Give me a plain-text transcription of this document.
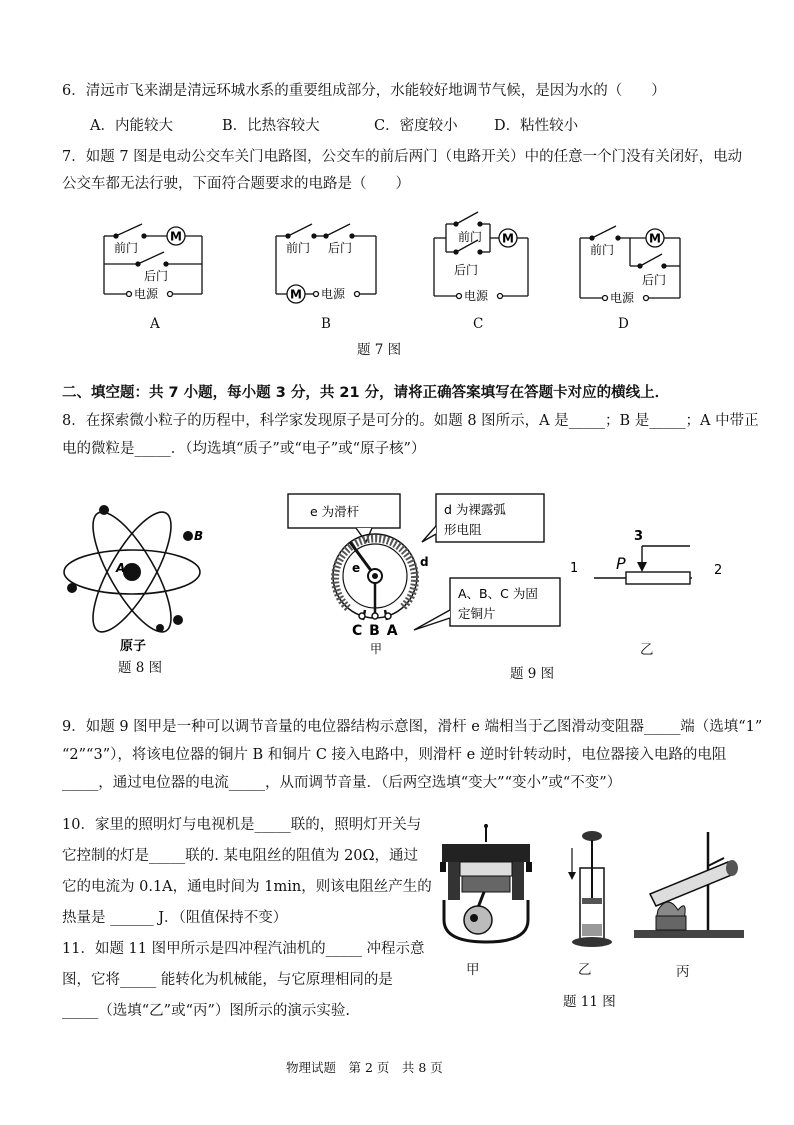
6．清远市飞来湖是清远环城水系的重要组成部分，水能较好地调节气候，是因为水的（　　）
A．内能较大	B．比热容较大	C．密度较小	D．粘性较小
7．如题 7 图是电动公交车关门电路图，公交车的前后两门（电路开关）中的任意一个门没有关闭好，电动
公交车都无法行驶，下面符合题要求的电路是（　　）
M
前门
后门
电源	M
前门 后门
电源
M
前门
后门
电源
M
前门
后门
电源
A	B	C	D
题 7 图
二、填空题：共 7 小题，每小题 3 分，共 21 分，请将正确答案填写在答题卡对应的横线上．
8．在探索微小粒子的历程中，科学家发现原子是可分的。如题 8 图所示，A 是_____；B 是_____；A 中带正
电的微粒是_____．（均选填“质子”或“电子”或“原子核”）
A
B
原子
题 8 图
e 为滑杆	d 为裸露弧
形电阻
A、B、C 为固
定铜片
e	d
C B A
甲
3
P
1	2
乙
题 9 图
9．如题 9 图甲是一种可以调节音量的电位器结构示意图，滑杆 e 端相当于乙图滑动变阻器_____端（选填“1”
“2”“3”），将该电位器的铜片 B 和铜片 C 接入电路中，则滑杆 e 逆时针转动时，电位器接入电路的电阻
_____，通过电位器的电流_____，从而调节音量．（后两空选填“变大”“变小”或“不变”）
10．家里的照明灯与电视机是_____联的，照明灯开关与
它控制的灯是_____联的. 某电阻丝的阻值为 20Ω，通过
它的电流为 0.1A，通电时间为 1min，则该电阻丝产生的
热量是 ______ J．（阻值保持不变）
11．如题 11 图甲所示是四冲程汽油机的_____ 冲程示意
图，它将_____ 能转化为机械能，与它原理相同的是
_____（选填“乙”或“丙”）图所示的演示实验.
甲	乙	丙
题 11 图
物理试题　第 2 页　共 8 页
